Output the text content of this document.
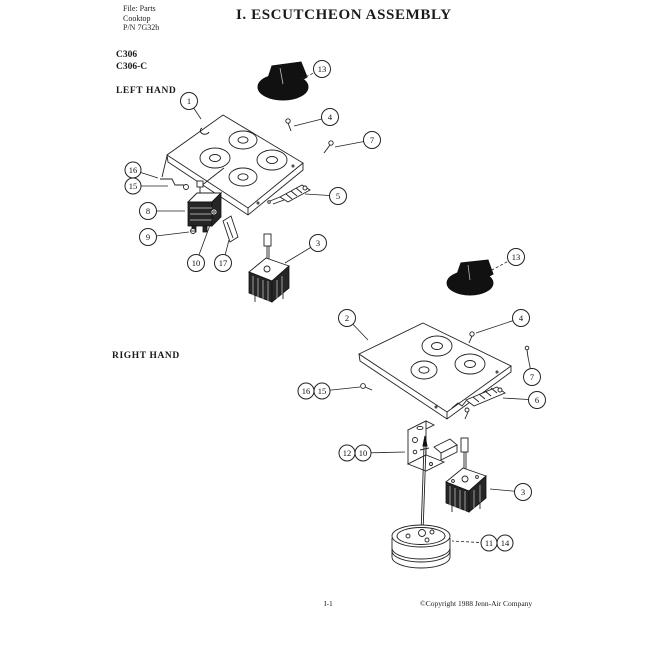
File: Parts
Cooktop
P/N 7G32b
I. ESCUTCHEON ASSEMBLY
C306
C306-C
LEFT HAND
RIGHT HAND
13
1
4
7
16
15
8
9
10 17
5
3
13
2	4
7
6
16 15
12 10
3
11 14
I-1	©Copyright 1988 Jenn-Air Company
